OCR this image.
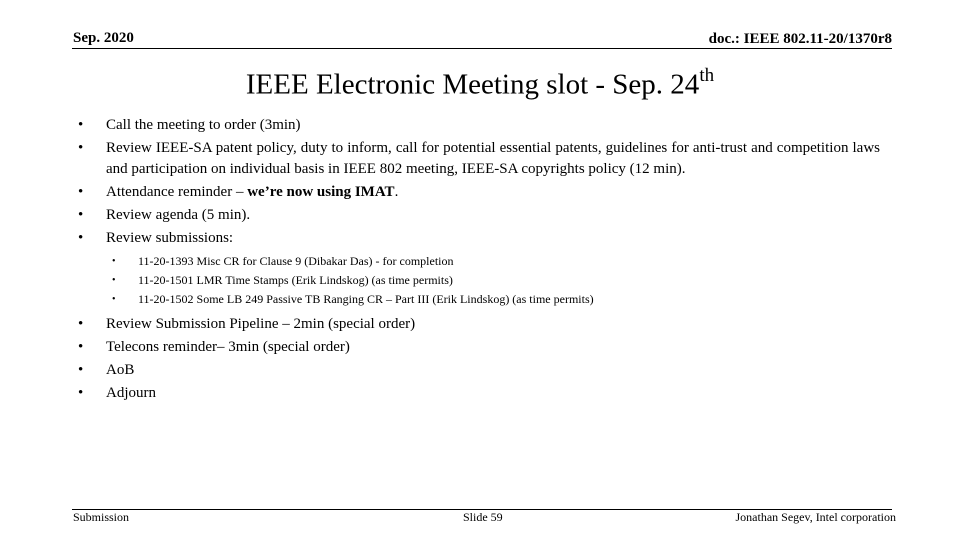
Sep. 2020	doc.: IEEE 802.11-20/1370r8
IEEE Electronic Meeting slot - Sep. 24th
•	Call the meeting to order (3min)
•	Review IEEE-SA patent policy, duty to inform, call for potential essential patents, guidelines for anti-trust and competition laws and participation on individual basis in IEEE 802 meeting, IEEE-SA copyrights policy (12 min).
•	Attendance reminder – we’re now using IMAT.
•	Review agenda (5 min).
•	Review submissions:
•	11-20-1393 Misc CR for Clause 9 (Dibakar Das) - for completion
•	11-20-1501 LMR Time Stamps (Erik Lindskog) (as time permits)
•	11-20-1502 Some LB 249 Passive TB Ranging CR – Part III (Erik Lindskog) (as time permits)
•	Review Submission Pipeline – 2min (special order)
•	Telecons reminder– 3min (special order)
•	AoB
•	Adjourn
Submission	Slide 59	Jonathan Segev, Intel corporation
